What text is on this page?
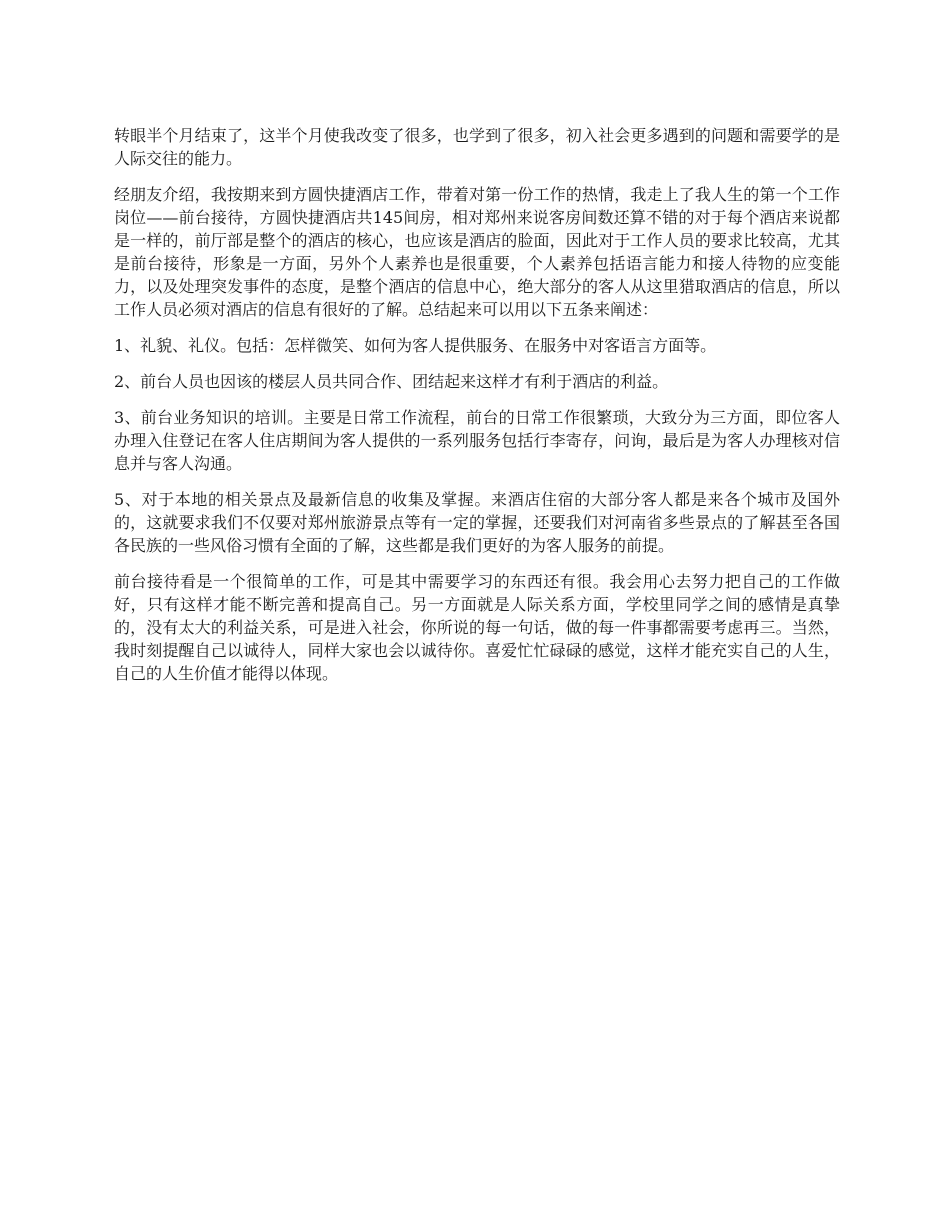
转眼半个月结束了，这半个月使我改变了很多，也学到了很多，初入社会更多遇到的问题和需要学的是人际交往的能力。

经朋友介绍，我按期来到方圆快捷酒店工作，带着对第一份工作的热情，我走上了我人生的第一个工作岗位——前台接待，方圆快捷酒店共145间房，相对郑州来说客房间数还算不错的对于每个酒店来说都是一样的，前厅部是整个的酒店的核心，也应该是酒店的脸面，因此对于工作人员的要求比较高，尤其是前台接待，形象是一方面，另外个人素养也是很重要，个人素养包括语言能力和接人待物的应变能力，以及处理突发事件的态度，是整个酒店的信息中心，绝大部分的客人从这里猎取酒店的信息，所以工作人员必须对酒店的信息有很好的了解。总结起来可以用以下五条来阐述：

1、礼貌、礼仪。包括：怎样微笑、如何为客人提供服务、在服务中对客语言方面等。

2、前台人员也因该的楼层人员共同合作、团结起来这样才有利于酒店的利益。

3、前台业务知识的培训。主要是日常工作流程，前台的日常工作很繁琐，大致分为三方面，即位客人办理入住登记在客人住店期间为客人提供的一系列服务包括行李寄存，问询，最后是为客人办理核对信息并与客人沟通。

5、对于本地的相关景点及最新信息的收集及掌握。来酒店住宿的大部分客人都是来各个城市及国外的，这就要求我们不仅要对郑州旅游景点等有一定的掌握，还要我们对河南省多些景点的了解甚至各国各民族的一些风俗习惯有全面的了解，这些都是我们更好的为客人服务的前提。

前台接待看是一个很简单的工作，可是其中需要学习的东西还有很。我会用心去努力把自己的工作做好，只有这样才能不断完善和提高自己。另一方面就是人际关系方面，学校里同学之间的感情是真挚的，没有太大的利益关系，可是进入社会，你所说的每一句话，做的每一件事都需要考虑再三。当然，我时刻提醒自己以诚待人，同样大家也会以诚待你。喜爱忙忙碌碌的感觉，这样才能充实自己的人生，自己的人生价值才能得以体现。
